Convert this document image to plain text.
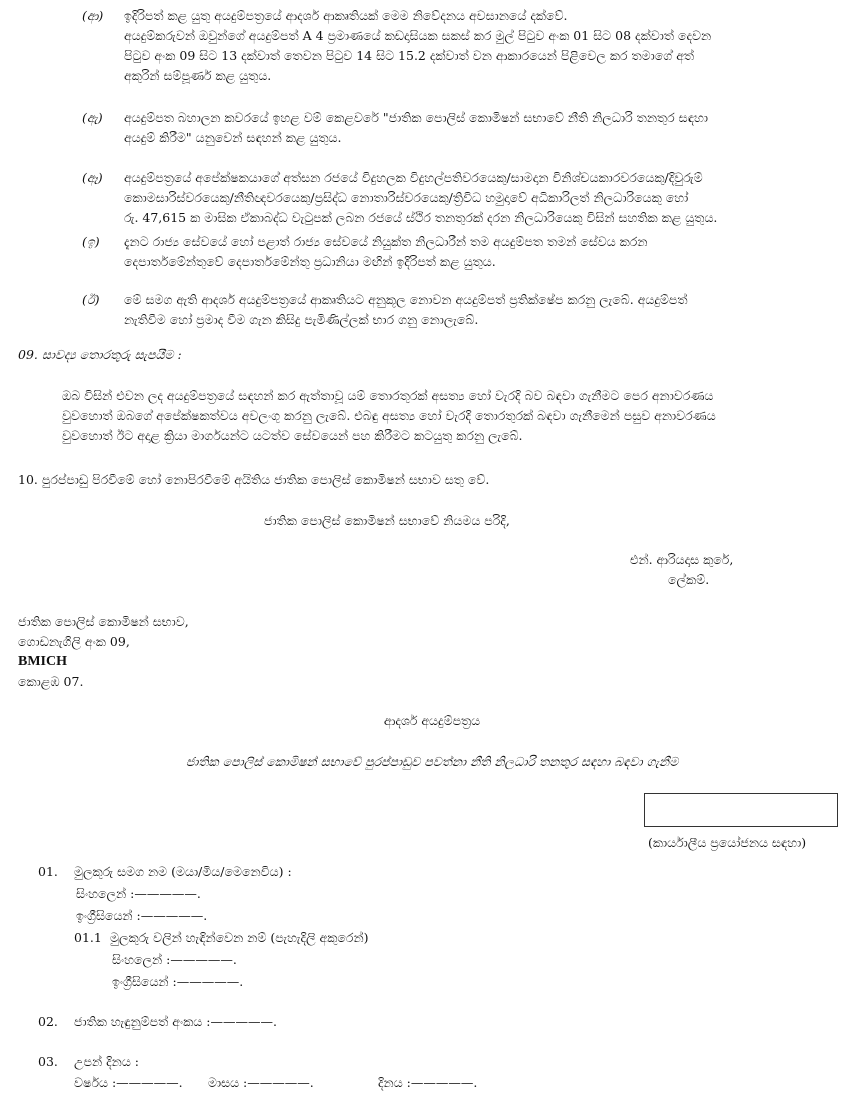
(ආ)	ඉදිරිපත් කළ යුතු අයදුම්පත්‍රයේ ආදර්ශ ආකෘතියක් මෙම නිවේදනය අවසානයේ දක්වේ.
අයදුම්කරුවන් ඔවුන්ගේ අයදුම්පත් A 4 ප්‍රමාණයේ කඩදාසියක සකස් කර මුල් පිටුව අංක 01 සිට 08 දක්වාත් දෙවන
පිටුව අංක 09 සිට 13 දක්වාත් තෙවන පිටුව 14 සිට 15.2 දක්වාත් වන ආකාරයෙන් පිළිවෙල කර තමාගේ අත්
අකුරින් සම්පූර්ණ කළ යුතුය.
(ඇ)	අයදුම්පත බහාලන කවරයේ ඉහළ වම් කෙළවරේ "ජාතික පොලිස් කොමිෂන් සභාවේ නීති නිලධාරි තනතුර සඳහා
අයදුම් කිරීම" යනුවෙන් සඳහන් කළ යුතුය.
(ඈ)	අයදුම්පත්‍රයේ අපේක්ෂකයාගේ අත්සන රජයේ විදුහලක විදුහල්පතිවරයෙකු/සාමදාන විනිශ්චයකාරවරයෙකු/දිවුරුම්
කොමසාරිස්වරයෙකු/නීතිඥවරයෙකු/ප්‍රසිද්ධ නොතාරිස්වරයෙකු/ත්‍රිවිධ හමුදාවේ අධිකාරිලත් නිලධාරියෙකු හෝ
රු. 47,615 ක මාසික ඒකාබද්ධ වැටුපක් ලබන රජයේ ස්ථිර තනතුරක් දරන නිලධාරියෙකු විසින් සහතික කළ යුතුය.
(ඉ)	දැනට රාජ්‍ය සේවයේ හෝ පළාත් රාජ්‍ය සේවයේ නියුක්ත නිලධාරීන් තම අයදුම්පත තමන් සේවය කරන
දෙපාර්තමේන්තුවේ දෙපාර්තමේන්තු ප්‍රධානියා මඟින් ඉදිරිපත් කළ යුතුය.
(ඊ)	මේ සමග ඇති ආදර්ශ අයදුම්පත්‍රයේ ආකෘතියට අනුකූල නොවන අයදුම්පත් ප්‍රතික්ෂේප කරනු ලැබේ. අයදුම්පත්
නැතිවීම හෝ ප්‍රමාද වීම ගැන කිසිදු පැමිණිල්ලක් භාර ගනු නොලැබේ.
09. සාවද්‍ය තොරතුරු සැපයීම :
ඔබ විසින් එවන ලද අයදුම්පත්‍රයේ සඳහන් කර ඇත්තාවූ යම් තොරතුරක් අසත්‍ය හෝ වැරදි බව බඳවා ගැනීමට පෙර අනාවරණය
වුවහොත් ඔබගේ අපේක්ෂකත්වය අවලංගු කරනු ලැබේ. එබඳු අසත්‍ය හෝ වැරදි තොරතුරක් බඳවා ගැනීමෙන් පසුව අනාවරණය
වුවහොත් ඊට අදාළ ක්‍රියා මාර්ගයන්ට යටත්ව සේවයෙන් පහ කිරීමට කටයුතු කරනු ලැබේ.
10. පුරප්පාඩු පිරවීමේ හෝ නොපිරවීමේ අයිතිය ජාතික පොලිස් කොමිෂන් සභාව සතු වේ.
ජාතික පොලිස් කොමිෂන් සභාවේ නියමය පරිදි,
එන්. ආරියදාස කුරේ,
ලේකම්.
ජාතික පොලිස් කොමිෂන් සභාව,
ගොඩනැගිලි අංක 09,
BMICH
කොළඹ 07.
ආදර්ශ අයදුම්පත්‍රය
ජාතික පොලිස් කොමිෂන් සභාවේ පුරප්පාඩුව පවත්නා නීති නිලධාරි තනතුර සඳහා බඳවා ගැනීම
(කාර්යාලීය ප්‍රයෝජනය සඳහා)
01. මුලකුරු සමග නම (මයා/මිය/මෙනෙවිය) :
සිංහලෙන් :—————.
ඉංග්‍රීසියෙන් :—————.
01.1 මුලකුරු වලින් හැඳින්වෙන නම් (පැහැදිලි අකුරෙන්)
සිංහලෙන් :—————.
ඉංග්‍රීසියෙන් :—————.
02. ජාතික හැඳුනුම්පත් අංකය :—————.
03. උපන් දිනය :
වර්ෂය :—————. මාසය :—————.	දිනය :—————.
